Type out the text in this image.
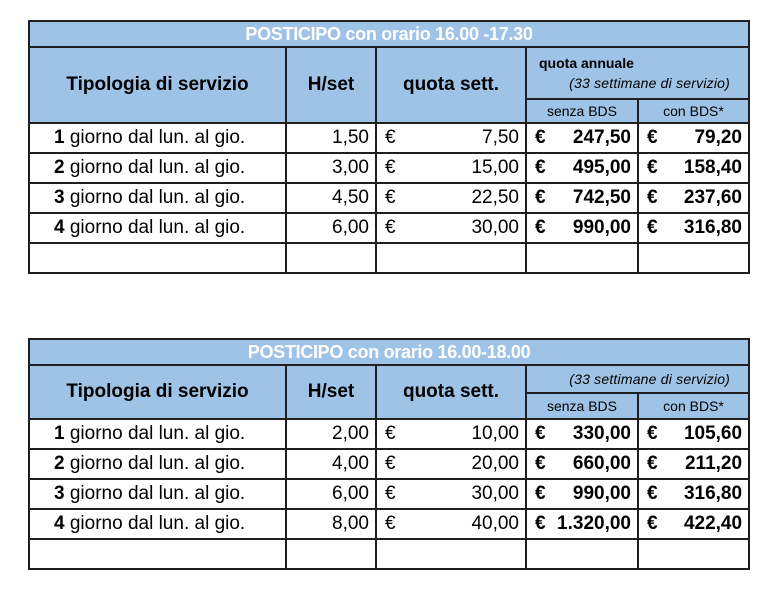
POSTICIPO con orario 16.00 -17.30				
Tipologia di servizio	H/set	quota sett.	quota annuale
(33 settimane di servizio)	

			senza BDS	con BDS*
1 giorno dal lun. al gio.	1,50	€ 7,50	€ 247,50	€ 79,20

2 giorno dal lun. al gio.	3,00	€ 15,00	€ 495,00	€ 158,40

3 giorno dal lun. al gio.	4,50	€ 22,50	€ 742,50	€ 237,60

4 giorno dal lun. al gio.	6,00	€ 30,00	€ 990,00	€ 316,80

POSTICIPO con orario 16.00-18.00				
Tipologia di servizio	H/set	quota sett.	(33 settimane di servizio)	
			senza BDS	con BDS*
1 giorno dal lun. al gio.	2,00	€ 10,00	€ 330,00	€ 105,60

2 giorno dal lun. al gio.	4,00	€ 20,00	€ 660,00	€ 211,20

3 giorno dal lun. al gio.	6,00	€ 30,00	€ 990,00	€ 316,80

4 giorno dal lun. al gio.	8,00	€ 40,00	€ 1.320,00	€ 422,40
